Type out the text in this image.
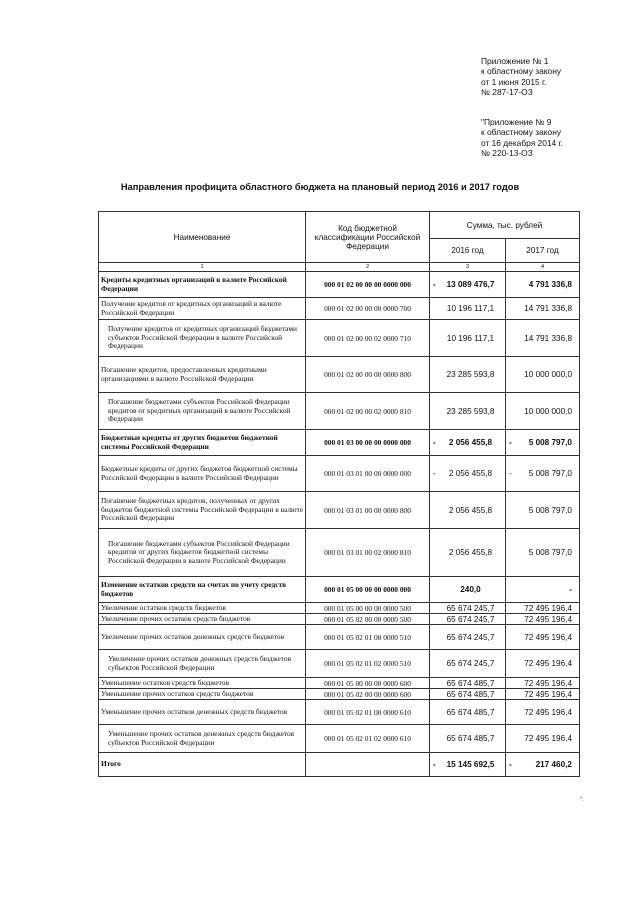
Приложение № 1
к областному закону
от 1 июня 2015 г.
№ 287-17-ОЗ
"Приложение № 9
к областному закону
от 16 декабря 2014 г.
№ 220-13-ОЗ
Направления профицита областного бюджета на плановый период 2016 и 2017 годов
Наименование	Код бюджетной классификации Российской Федерации	Сумма, тыс. рублей	
		2016 год	2017 год
1	2	3	4
Кредиты кредитных организаций в валюте Российской Федерации	000 01 02 00 00 00 0000 000	- 13 089 476,7	4 791 336,8

Получение кредитов от кредитных организаций в валюте Российской Федерации	000 01 02 00 00 00 0000 700	10 196 117,1	14 791 336,8

Получение кредитов от кредитных организаций бюджетами субъектов Российской Федерации в валюте Российской Федерации	000 01 02 00 00 02 0000 710	10 196 117,1	14 791 336,8

Погашение кредитов, предоставленных кредитными организациями в валюте Российской Федерации	000 01 02 00 00 00 0000 800	23 285 593,8	10 000 000,0

Погашение бюджетами субъектов Российской Федерации кредитов от кредитных организаций в валюте Российской Федерации	000 01 02 00 00 02 0000 810	23 285 593,8	10 000 000,0

Бюджетные кредиты от других бюджетов бюджетной системы Российской Федерации	000 01 03 00 00 00 0000 000	- 2 056 455,8	- 5 008 797,0

Бюджетные кредиты от других бюджетов бюджетной системы Российской Федерации в валюте Российской Федерации	000 01 03 01 00 00 0000 000	- 2 056 455,8	- 5 008 797,0

Погашение бюджетных кредитов, полученных от других бюджетов бюджетной системы Российской Федерации в валюте Российской Федерации	000 01 03 01 00 00 0000 800	2 056 455,8	5 008 797,0

Погашение бюджетами субъектов Российской Федерации кредитов от других бюджетов бюджетной системы Российской Федерации в валюте Российской Федерации	000 01 03 01 00 02 0000 810	2 056 455,8	5 008 797,0

Изменение остатков средств на счетах по учету средств бюджетов	000 01 05 00 00 00 0000 000	240,0	-

Увеличение остатков средств бюджетов	000 01 05 00 00 00 0000 500	65 674 245,7	72 495 196,4

Увеличение прочих остатков средств бюджетов	000 01 05 02 00 00 0000 500	65 674 245,7	72 495 196,4

Увеличение прочих остатков денежных средств бюджетов	000 01 05 02 01 00 0000 510	65 674 245,7	72 495 196,4

Увеличение прочих остатков денежных средств бюджетов субъектов Российской Федерации	000 01 05 02 01 02 0000 510	65 674 245,7	72 495 196,4

Уменьшение остатков средств бюджетов	000 01 05 00 00 00 0000 600	65 674 485,7	72 495 196,4

Уменьшение прочих остатков средств бюджетов	000 01 05 02 00 00 0000 600	65 674 485,7	72 495 196,4

Уменьшение прочих остатков денежных средств бюджетов	000 01 05 02 01 00 0000 610	65 674 485,7	72 495 196,4

Уменьшение прочих остатков денежных средств бюджетов субъектов Российской Федерации	000 01 05 02 01 02 0000 610	65 674 485,7	72 495 196,4

Итого		- 15 145 692,5	- 217 460,2
".
